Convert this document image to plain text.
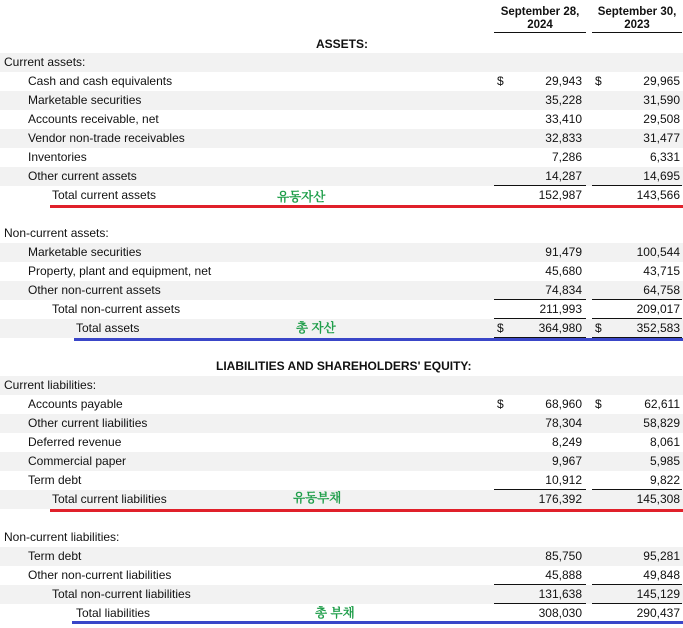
September 28,
2024
September 30,
2023
ASSETS:
Current assets:
Cash and cash equivalents	$	29,943 $	29,965
Marketable securities	35,228	31,590
Accounts receivable, net	33,410	29,508
Vendor non-trade receivables	32,833	31,477
Inventories	7,286	6,331
Other current assets	14,287	14,695
Total current assets	152,987	143,566
유동자산
Non-current assets:
Marketable securities	91,479	100,544
Property, plant and equipment, net	45,680	43,715
Other non-current assets	74,834	64,758
Total non-current assets	211,993	209,017
Total assets	$	364,980 $	352,583
총 자산
LIABILITIES AND SHAREHOLDERS' EQUITY:
Current liabilities:
Accounts payable	$	68,960 $	62,611
Other current liabilities	78,304	58,829
Deferred revenue	8,249	8,061
Commercial paper	9,967	5,985
Term debt	10,912	9,822
Total current liabilities	176,392	145,308
유동부채
Non-current liabilities:
Term debt	85,750	95,281
Other non-current liabilities	45,888	49,848
Total non-current liabilities	131,638	145,129
Total liabilities	308,030	290,437
총 부채
